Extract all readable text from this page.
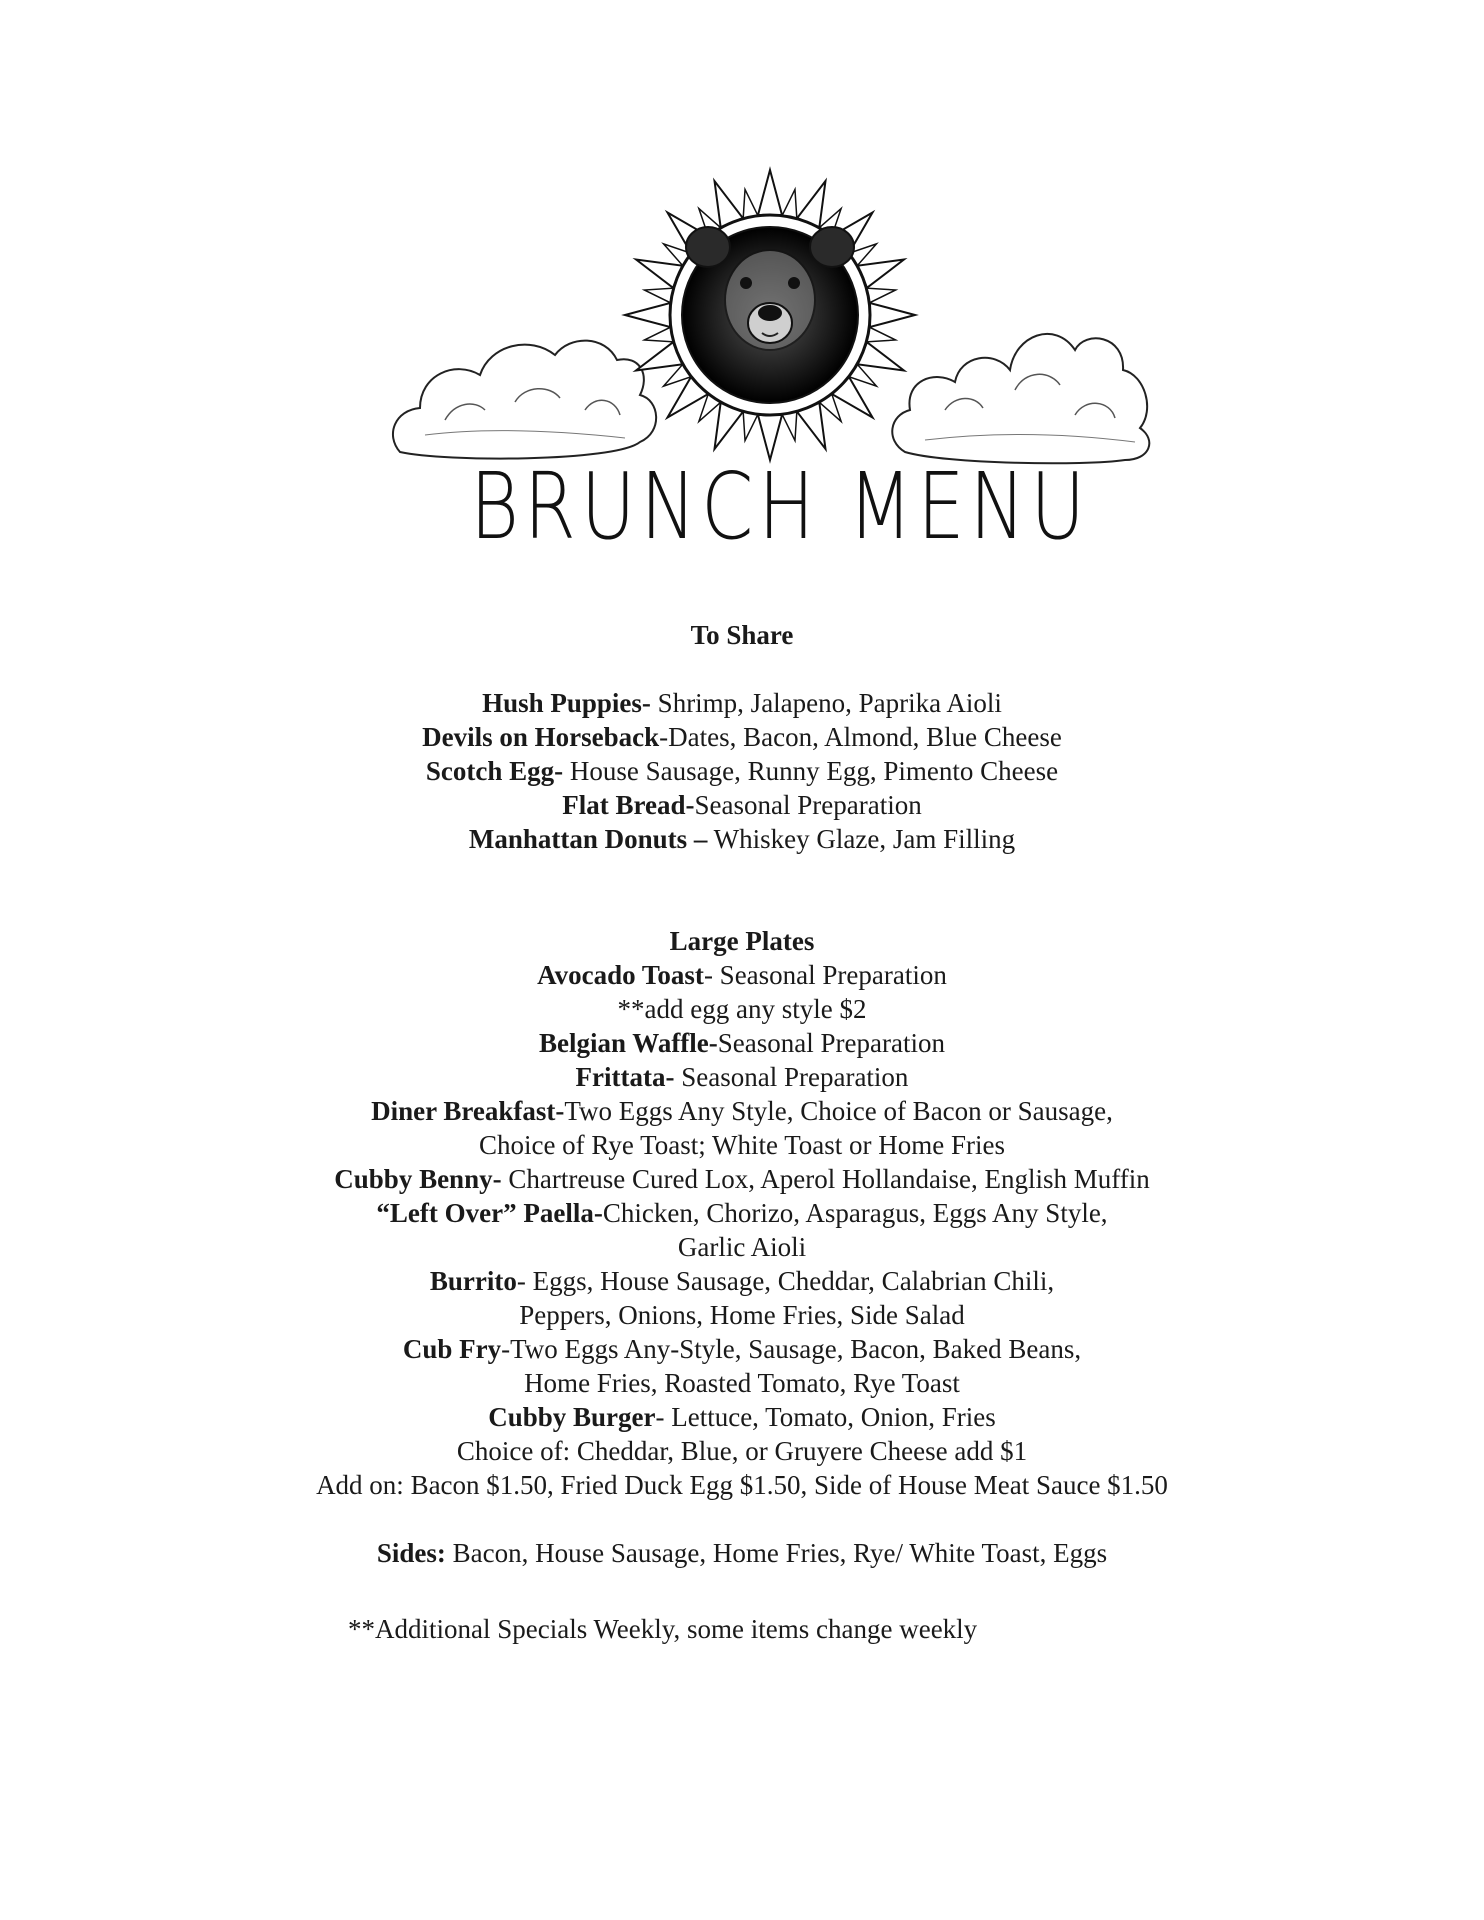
BRUNCH MENU
To Share
Hush Puppies- Shrimp, Jalapeno, Paprika Aioli
Devils on Horseback-Dates, Bacon, Almond, Blue Cheese
Scotch Egg- House Sausage, Runny Egg, Pimento Cheese
Flat Bread-Seasonal Preparation
Manhattan Donuts – Whiskey Glaze, Jam Filling
Large Plates
Avocado Toast- Seasonal Preparation
**add egg any style $2
Belgian Waffle-Seasonal Preparation
Frittata- Seasonal Preparation
Diner Breakfast-Two Eggs Any Style, Choice of Bacon or Sausage,
Choice of Rye Toast; White Toast or Home Fries
Cubby Benny- Chartreuse Cured Lox, Aperol Hollandaise, English Muffin
“Left Over” Paella-Chicken, Chorizo, Asparagus, Eggs Any Style,
Garlic Aioli
Burrito- Eggs, House Sausage, Cheddar, Calabrian Chili,
Peppers, Onions, Home Fries, Side Salad
Cub Fry-Two Eggs Any-Style, Sausage, Bacon, Baked Beans,
Home Fries, Roasted Tomato, Rye Toast
Cubby Burger- Lettuce, Tomato, Onion, Fries
Choice of: Cheddar, Blue, or Gruyere Cheese add $1
Add on: Bacon $1.50, Fried Duck Egg $1.50, Side of House Meat Sauce $1.50
Sides: Bacon, House Sausage, Home Fries, Rye/ White Toast, Eggs
**Additional Specials Weekly, some items change weekly
